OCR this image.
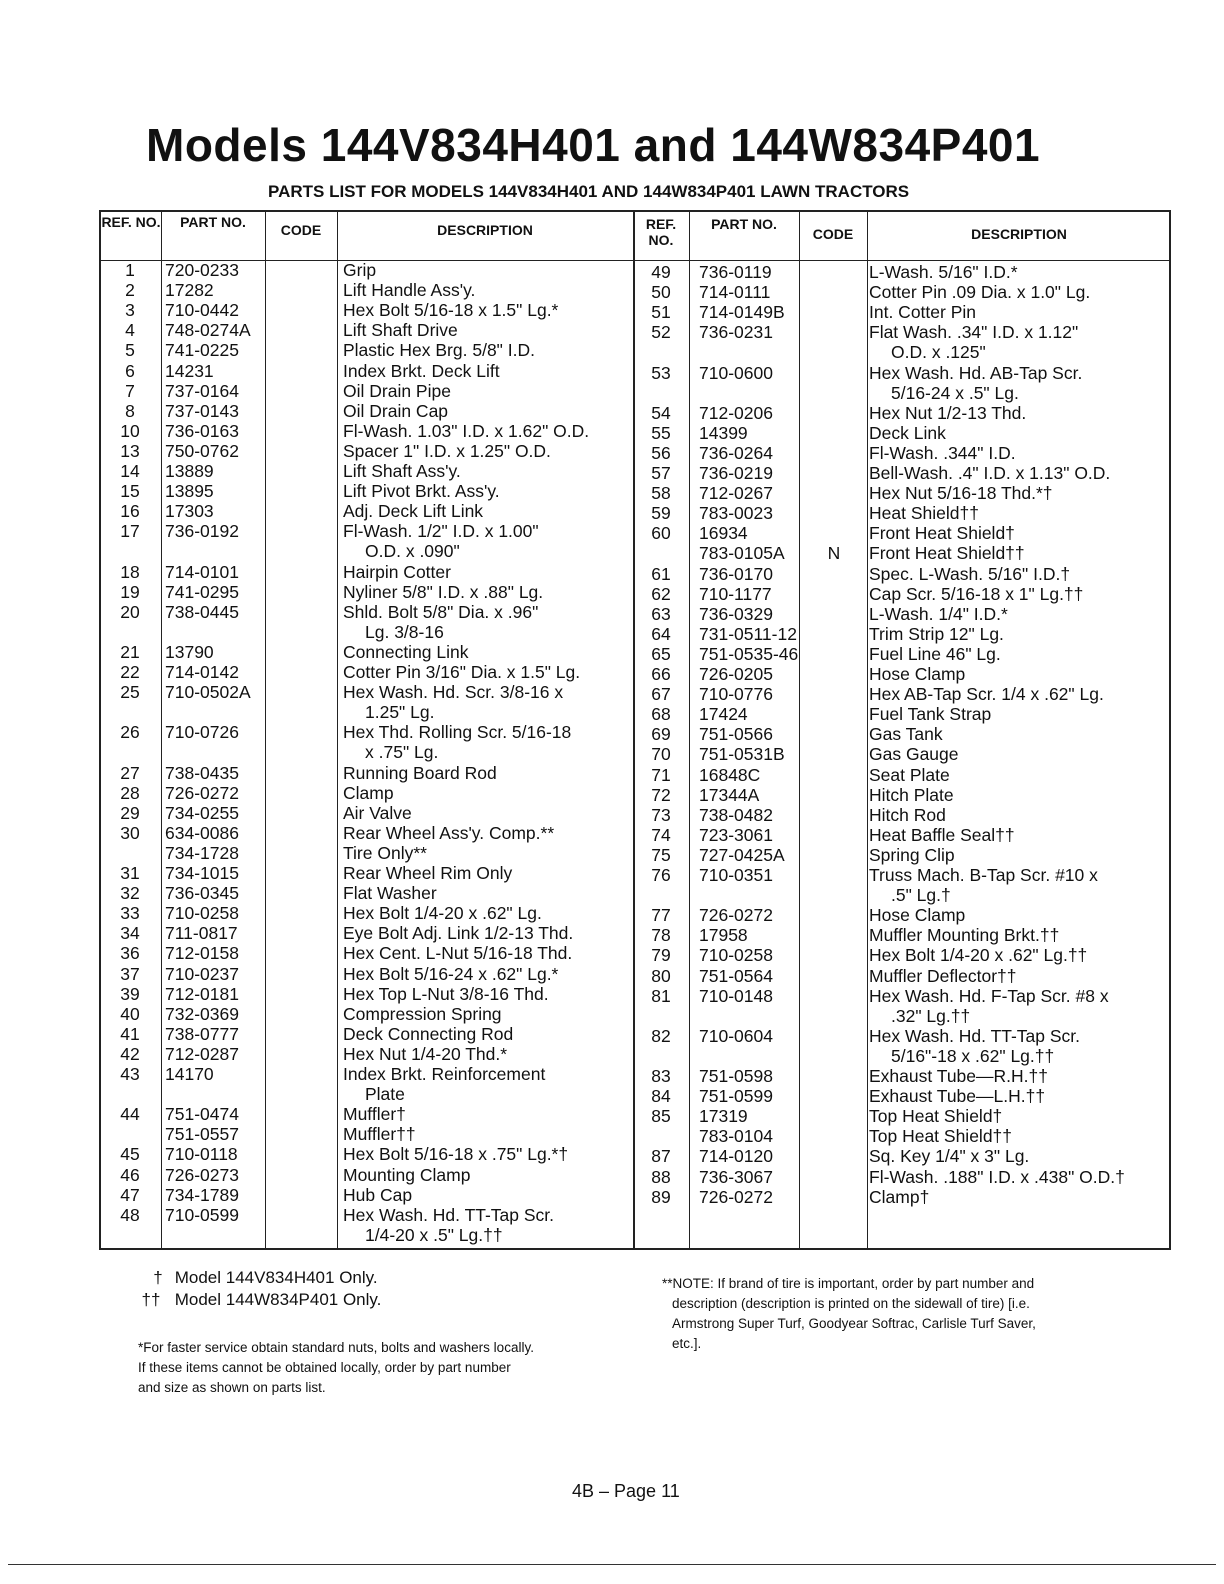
Models 144V834H401 and 144W834P401
PARTS LIST FOR MODELS 144V834H401 AND 144W834P401 LAWN TRACTORS
REF. NO.	PART NO.	CODE	DESCRIPTION	REF. NO.
PART NO.
CODE	DESCRIPTION
1	720-0233	Grip
2	17282	Lift Handle Ass'y.
3	710-0442	Hex Bolt 5/16-18 x 1.5" Lg.*
4	748-0274A	Lift Shaft Drive
5	741-0225	Plastic Hex Brg. 5/8" I.D.
6	14231	Index Brkt. Deck Lift
7	737-0164	Oil Drain Pipe
8	737-0143	Oil Drain Cap
10	736-0163	Fl-Wash. 1.03" I.D. x 1.62" O.D.
13	750-0762	Spacer 1" I.D. x 1.25" O.D.
14	13889	Lift Shaft Ass'y.
15	13895	Lift Pivot Brkt. Ass'y.
16	17303	Adj. Deck Lift Link
17	736-0192	Fl-Wash. 1/2" I.D. x 1.00"
O.D. x .090"
18	714-0101	Hairpin Cotter
19	741-0295	Nyliner 5/8" I.D. x .88" Lg.
20	738-0445	Shld. Bolt 5/8" Dia. x .96"
Lg. 3/8-16
21	13790	Connecting Link
22	714-0142	Cotter Pin 3/16" Dia. x 1.5" Lg.
25	710-0502A	Hex Wash. Hd. Scr. 3/8-16 x
1.25" Lg.
26	710-0726	Hex Thd. Rolling Scr. 5/16-18
x .75" Lg.
27	738-0435	Running Board Rod
28	726-0272	Clamp
29	734-0255	Air Valve
30	634-0086	Rear Wheel Ass'y. Comp.**
734-1728	Tire Only**
31	734-1015	Rear Wheel Rim Only
32	736-0345	Flat Washer
33	710-0258	Hex Bolt 1/4-20 x .62" Lg.
34	711-0817	Eye Bolt Adj. Link 1/2-13 Thd.
36	712-0158	Hex Cent. L-Nut 5/16-18 Thd.
37	710-0237	Hex Bolt 5/16-24 x .62" Lg.*
39	712-0181	Hex Top L-Nut 3/8-16 Thd.
40	732-0369	Compression Spring
41	738-0777	Deck Connecting Rod
42	712-0287	Hex Nut 1/4-20 Thd.*
43	14170	Index Brkt. Reinforcement
Plate
44	751-0474	Muffler†
751-0557	Muffler††
45	710-0118	Hex Bolt 5/16-18 x .75" Lg.*†
46	726-0273	Mounting Clamp
47	734-1789	Hub Cap
48	710-0599	Hex Wash. Hd. TT-Tap Scr.
1/4-20 x .5" Lg.††
49	736-0119	L-Wash. 5/16" I.D.*
50	714-0111	Cotter Pin .09 Dia. x 1.0" Lg.
51	714-0149B	Int. Cotter Pin
52	736-0231	Flat Wash. .34" I.D. x 1.12"
O.D. x .125"
53	710-0600	Hex Wash. Hd. AB-Tap Scr.
5/16-24 x .5" Lg.
54	712-0206	Hex Nut 1/2-13 Thd.
55	14399	Deck Link
56	736-0264	Fl-Wash. .344" I.D.
57	736-0219	Bell-Wash. .4" I.D. x 1.13" O.D.
58	712-0267	Hex Nut 5/16-18 Thd.*†
59	783-0023	Heat Shield††
60	16934	Front Heat Shield†
783-0105A	N	Front Heat Shield††
61	736-0170	Spec. L-Wash. 5/16" I.D.†
62	710-1177	Cap Scr. 5/16-18 x 1" Lg.††
63	736-0329	L-Wash. 1/4" I.D.*
64	731-0511-12	Trim Strip 12" Lg.
65	751-0535-46	Fuel Line 46" Lg.
66	726-0205	Hose Clamp
67	710-0776	Hex AB-Tap Scr. 1/4 x .62" Lg.
68	17424	Fuel Tank Strap
69	751-0566	Gas Tank
70	751-0531B	Gas Gauge
71	16848C	Seat Plate
72	17344A	Hitch Plate
73	738-0482	Hitch Rod
74	723-3061	Heat Baffle Seal††
75	727-0425A	Spring Clip
76	710-0351	Truss Mach. B-Tap Scr. #10 x
.5" Lg.†
77	726-0272	Hose Clamp
78	17958	Muffler Mounting Brkt.††
79	710-0258	Hex Bolt 1/4-20 x .62" Lg.††
80	751-0564	Muffler Deflector††
81	710-0148	Hex Wash. Hd. F-Tap Scr. #8 x
.32" Lg.††
82	710-0604	Hex Wash. Hd. TT-Tap Scr.
5/16"-18 x .62" Lg.††
83	751-0598	Exhaust Tube—R.H.††
84	751-0599	Exhaust Tube—L.H.††
85	17319	Top Heat Shield†
783-0104	Top Heat Shield††
87	714-0120	Sq. Key 1/4" x 3" Lg.
88	736-3067	Fl-Wash. .188" I.D. x .438" O.D.†
89	726-0272	Clamp†
† Model 144V834H401 Only.
†† Model 144W834P401 Only.
*For faster service obtain standard nuts, bolts and washers locally.
If these items cannot be obtained locally, order by part number
and size as shown on parts list.
**NOTE: If brand of tire is important, order by part number and
description (description is printed on the sidewall of tire) [i.e.
Armstrong Super Turf, Goodyear Softrac, Carlisle Turf Saver,
etc.].
4B – Page 11
